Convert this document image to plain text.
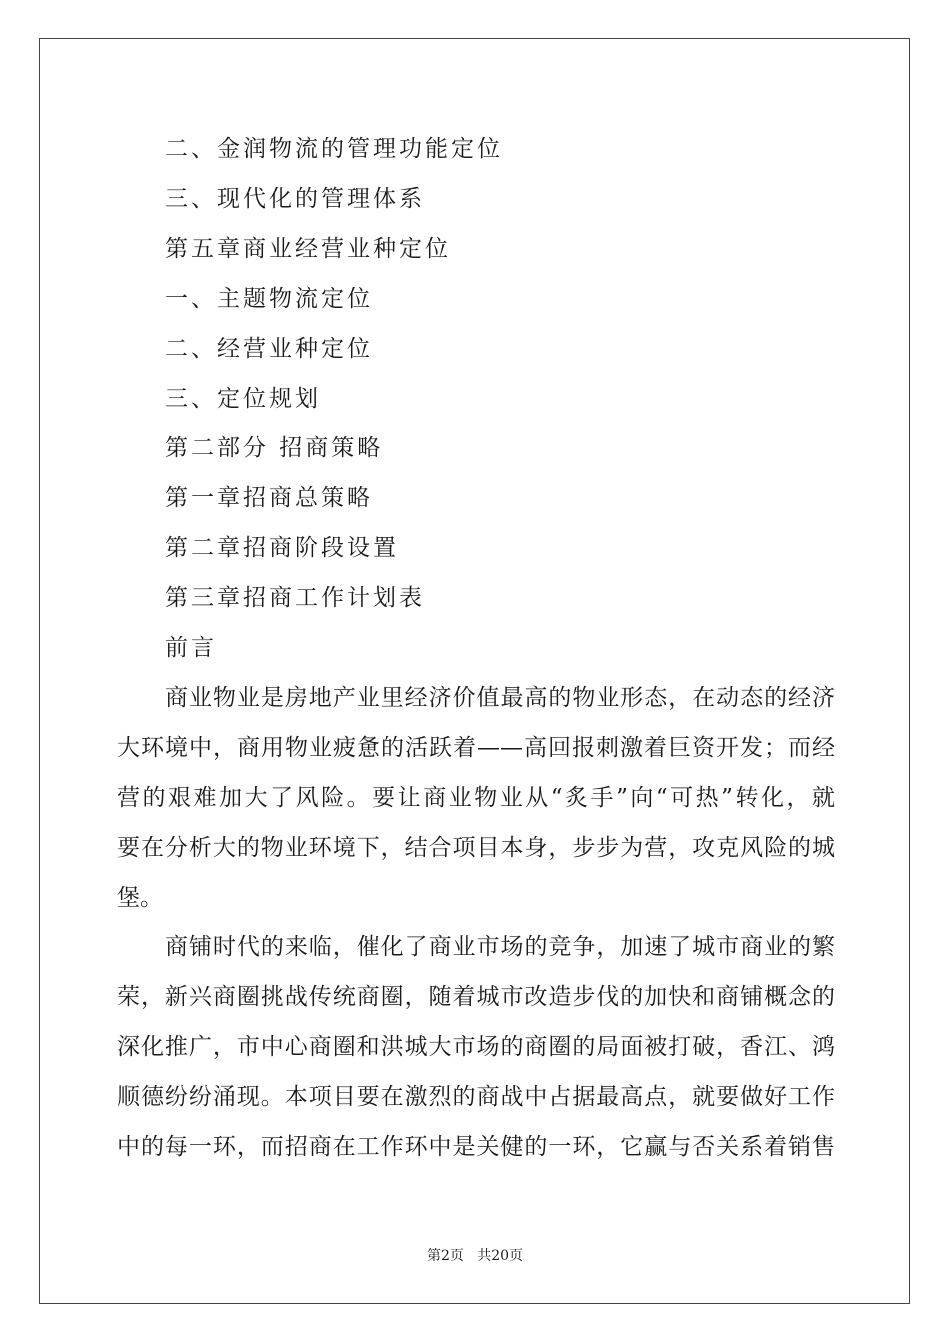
二、金润物流的管理功能定位
三、现代化的管理体系
第五章商业经营业种定位
一、主题物流定位
二、经营业种定位
三、定位规划
第二部分 招商策略
第一章招商总策略
第二章招商阶段设置
第三章招商工作计划表
前言
商业物业是房地产业里经济价值最高的物业形态，在动态的经济
大环境中，商用物业疲惫的活跃着——高回报刺激着巨资开发；而经
营的艰难加大了风险。要让商业物业从“炙手”向“可热”转化，就
要在分析大的物业环境下，结合项目本身，步步为营，攻克风险的城
堡。
商铺时代的来临，催化了商业市场的竞争，加速了城市商业的繁
荣，新兴商圈挑战传统商圈，随着城市改造步伐的加快和商铺概念的
深化推广，市中心商圈和洪城大市场的商圈的局面被打破，香江、鸿
顺德纷纷涌现。本项目要在激烈的商战中占据最高点，就要做好工作
中的每一环，而招商在工作环中是关健的一环，它赢与否关系着销售
第2页   共20页
